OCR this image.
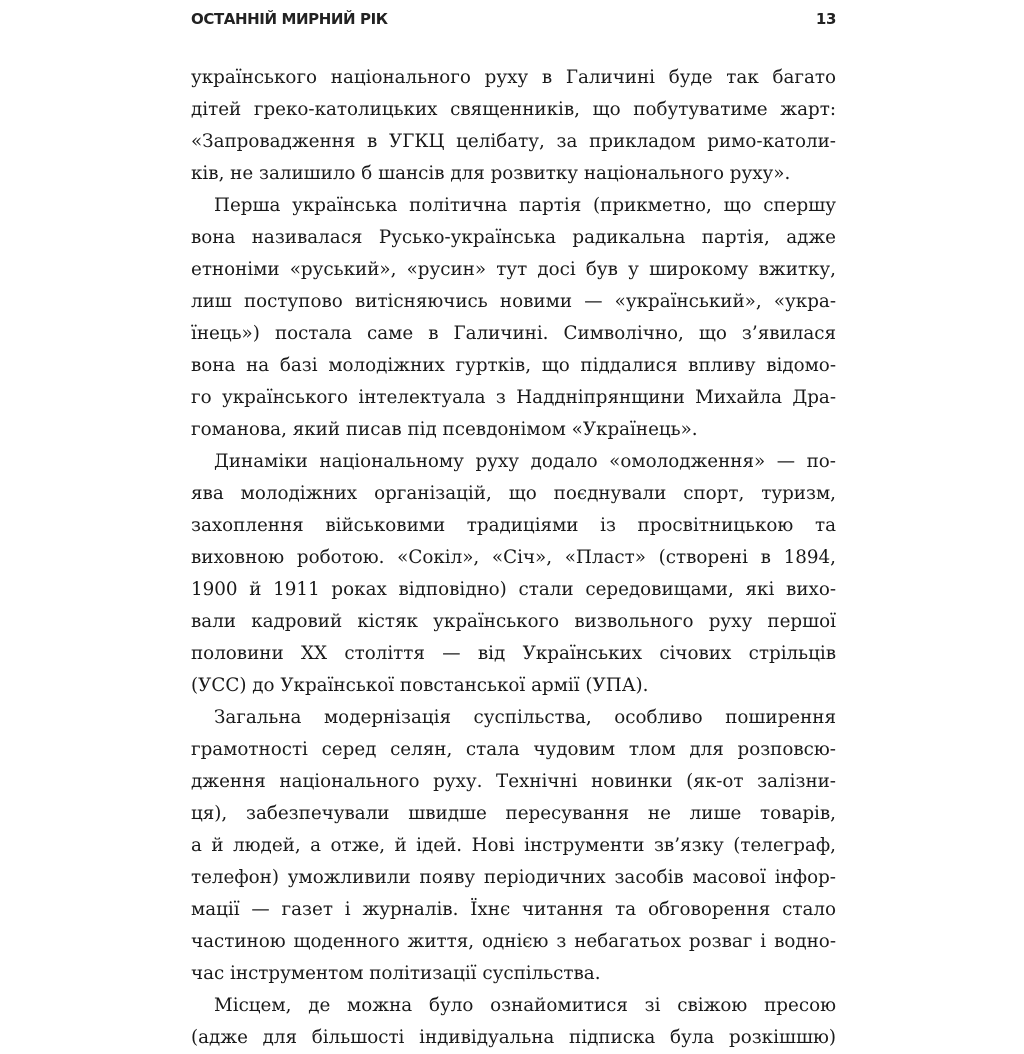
ОСТАННІЙ МИРНИЙ РІК	13
українського національного руху в Галичині буде так багато
дітей греко-католицьких священників, що побутуватиме жарт:
«Запровадження в УГКЦ целібату, за прикладом римо-католи-
ків, не залишило б шансів для розвитку національного руху».
Перша українська політична партія (прикметно, що спершу
вона називалася Русько-українська радикальна партія, адже
етноніми «руський», «русин» тут досі був у широкому вжитку,
лиш поступово витісняючись новими — «український», «укра-
їнець») постала саме в Галичині. Символічно, що з’явилася
вона на базі молодіжних гуртків, що піддалися впливу відомо-
го українського інтелектуала з Наддніпрянщини Михайла Дра-
гоманова, який писав під псевдонімом «Українець».
Динаміки національному руху додало «омолодження» — по-
ява молодіжних організацій, що поєднували спорт, туризм,
захоплення військовими традиціями із просвітницькою та
виховною роботою. «Сокіл», «Січ», «Пласт» (створені в 1894,
1900 й 1911 роках відповідно) стали середовищами, які вихо-
вали кадровий кістяк українського визвольного руху першої
половини ХХ століття — від Українських січових стрільців
(УСС) до Української повстанської армії (УПА).
Загальна модернізація суспільства, особливо поширення
грамотності серед селян, стала чудовим тлом для розповсю-
дження національного руху. Технічні новинки (як-от залізни-
ця), забезпечували швидше пересування не лише товарів,
а й людей, а отже, й ідей. Нові інструменти зв’язку (телеграф,
телефон) уможливили появу періодичних засобів масової інфор-
мації — газет і журналів. Їхнє читання та обговорення стало
частиною щоденного життя, однією з небагатьох розваг і водно-
час інструментом політизації суспільства.
Місцем, де можна було ознайомитися зі свіжою пресою
(адже для більшості індивідуальна підписка була розкішшю)
